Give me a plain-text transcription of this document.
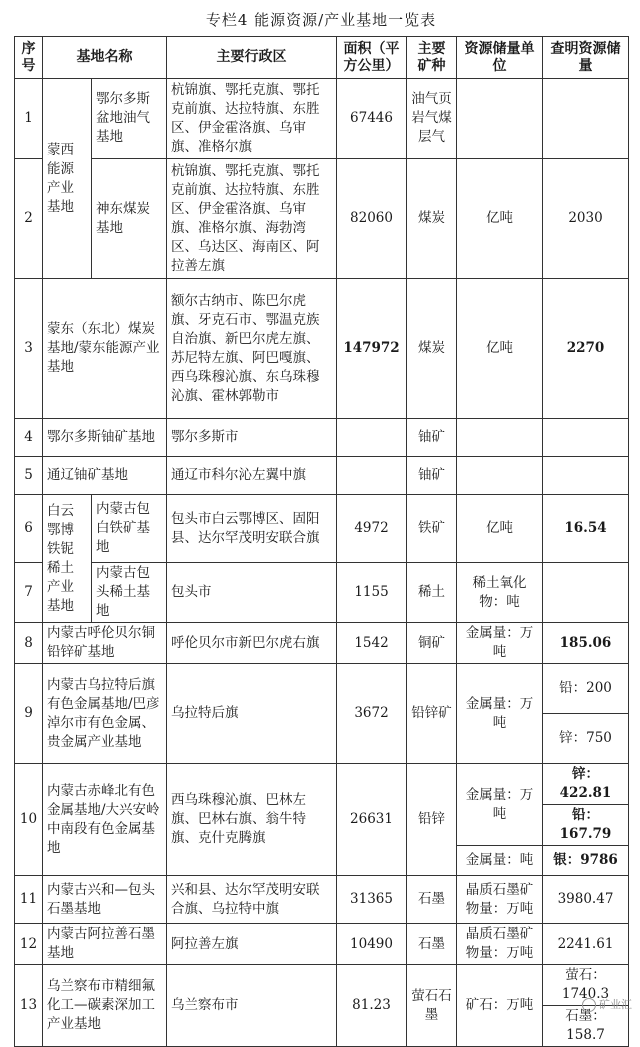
专栏4 能源资源/产业基地一览表
序号	基地名称		主要行政区	面积（平方公里）	主要矿种	资源储量单位	查明资源储量
1	蒙西能源产业基地	鄂尔多斯盆地油气基地	杭锦旗、鄂托克旗、鄂托克前旗、达拉特旗、东胜区、伊金霍洛旗、乌审旗、准格尔旗	67446	油气页岩气煤层气		
2		神东煤炭基地	杭锦旗、鄂托克旗、鄂托克前旗、达拉特旗、东胜区、伊金霍洛旗、乌审旗、准格尔旗、海勃湾区、乌达区、海南区、阿拉善左旗	82060	煤炭	亿吨	2030
3	蒙东（东北）煤炭基地/蒙东能源产业基地		额尔古纳市、陈巴尔虎旗、牙克石市、鄂温克族自治旗、新巴尔虎左旗、苏尼特左旗、阿巴嘎旗、西乌珠穆沁旗、东乌珠穆沁旗、霍林郭勒市	147972	煤炭	亿吨	2270
4	鄂尔多斯铀矿基地		鄂尔多斯市		铀矿		
5	通辽铀矿基地		通辽市科尔沁左翼中旗		铀矿		
6	白云鄂博铁铌稀土产业基地	内蒙古包白铁矿基地	包头市白云鄂博区、固阳县、达尔罕茂明安联合旗	4972	铁矿	亿吨	16.54
7		内蒙古包头稀土基地	包头市	1155	稀土	稀土氧化物：吨	
8	内蒙古呼伦贝尔铜铅锌矿基地		呼伦贝尔市新巴尔虎右旗	1542	铜矿	金属量：万吨	185.06
9	内蒙古乌拉特后旗有色金属基地/巴彦淖尔市有色金属、贵金属产业基地		乌拉特后旗	3672	铅锌矿	金属量：万吨	铅：200
							锌：750
10	内蒙古赤峰北有色金属基地/大兴安岭中南段有色金属基地		西乌珠穆沁旗、巴林左旗、巴林右旗、翁牛特旗、克什克腾旗	26631	铅锌	金属量：万吨	锌：422.81
							铅：167.79
						金属量：吨	银：9786
11	内蒙古兴和—包头石墨基地		兴和县、达尔罕茂明安联合旗、乌拉特中旗	31365	石墨	晶质石墨矿物量：万吨	3980.47
12	内蒙古阿拉善石墨基地		阿拉善左旗	10490	石墨	晶质石墨矿物量：万吨	2241.61
13	乌兰察布市精细氟化工—碳素深加工产业基地		乌兰察布市	81.23	萤石石墨	矿石：万吨	萤石：1740.3
							石墨：158.7
矿业汇
